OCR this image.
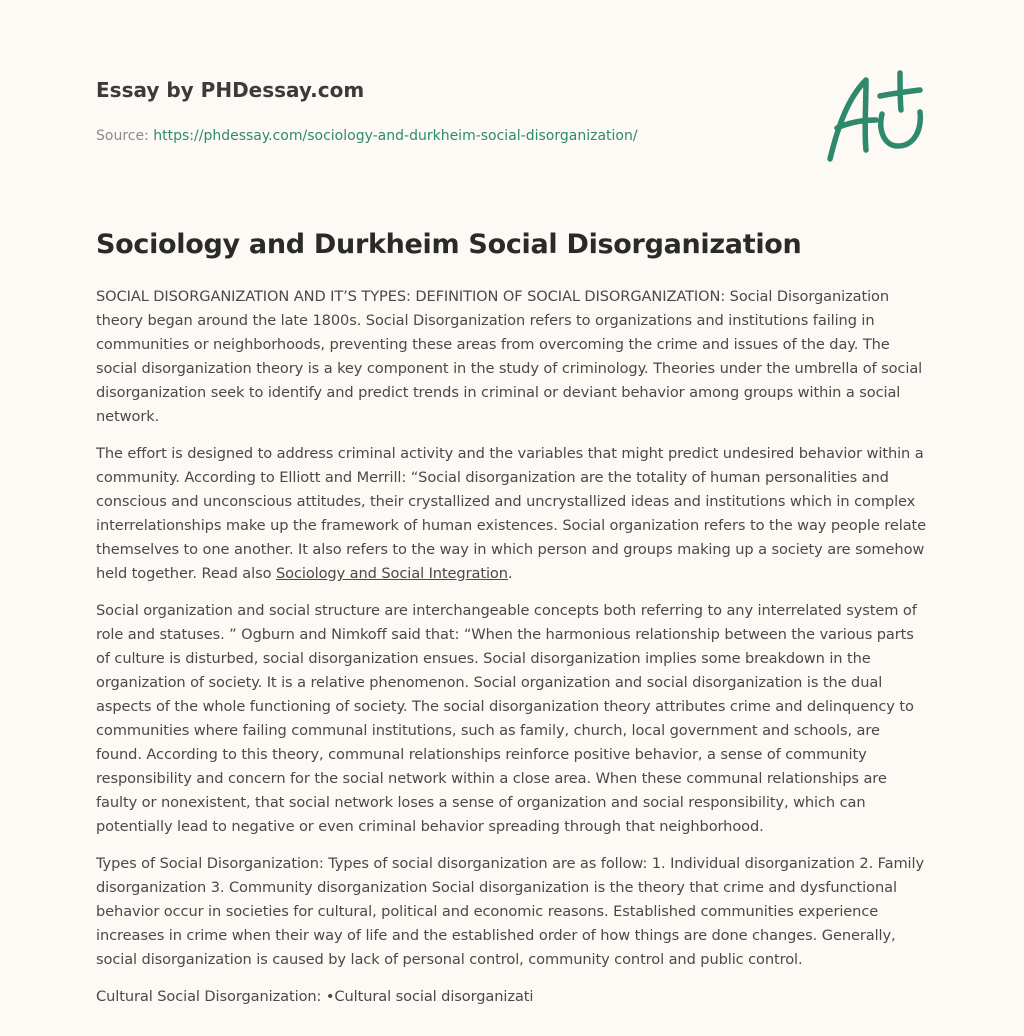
Essay by PHDessay.com

Source: https://phdessay.com/sociology-and-durkheim-social-disorganization/
Sociology and Durkheim Social Disorganization

SOCIAL DISORGANIZATION AND IT’S TYPES: DEFINITION OF SOCIAL DISORGANIZATION: Social Disorganization theory began around the late 1800s. Social Disorganization refers to organizations and institutions failing in communities or neighborhoods, preventing these areas from overcoming the crime and issues of the day. The social disorganization theory is a key component in the study of criminology. Theories under the umbrella of social disorganization seek to identify and predict trends in criminal or deviant behavior among groups within a social network.

The effort is designed to address criminal activity and the variables that might predict undesired behavior within a community. According to Elliott and Merrill: “Social disorganization are the totality of human personalities and conscious and unconscious attitudes, their crystallized and uncrystallized ideas and institutions which in complex interrelationships make up the framework of human existences. Social organization refers to the way people relate themselves to one another. It also refers to the way in which person and groups making up a society are somehow held together. Read also Sociology and Social Integration.

Social organization and social structure are interchangeable concepts both referring to any interrelated system of role and statuses. ” Ogburn and Nimkoff said that: “When the harmonious relationship between the various parts of culture is disturbed, social disorganization ensues. Social disorganization implies some breakdown in the organization of society. It is a relative phenomenon. Social organization and social disorganization is the dual aspects of the whole functioning of society. The social disorganization theory attributes crime and delinquency to communities where failing communal institutions, such as family, church, local government and schools, are found. According to this theory, communal relationships reinforce positive behavior, a sense of community responsibility and concern for the social network within a close area. When these communal relationships are faulty or nonexistent, that social network loses a sense of organization and social responsibility, which can potentially lead to negative or even criminal behavior spreading through that neighborhood.

Types of Social Disorganization: Types of social disorganization are as follow: 1. Individual disorganization 2. Family disorganization 3. Community disorganization Social disorganization is the theory that crime and dysfunctional behavior occur in societies for cultural, political and economic reasons. Established communities experience increases in crime when their way of life and the established order of how things are done changes. Generally, social disorganization is caused by lack of personal control, community control and public control.

Cultural Social Disorganization: •Cultural social disorganizati
